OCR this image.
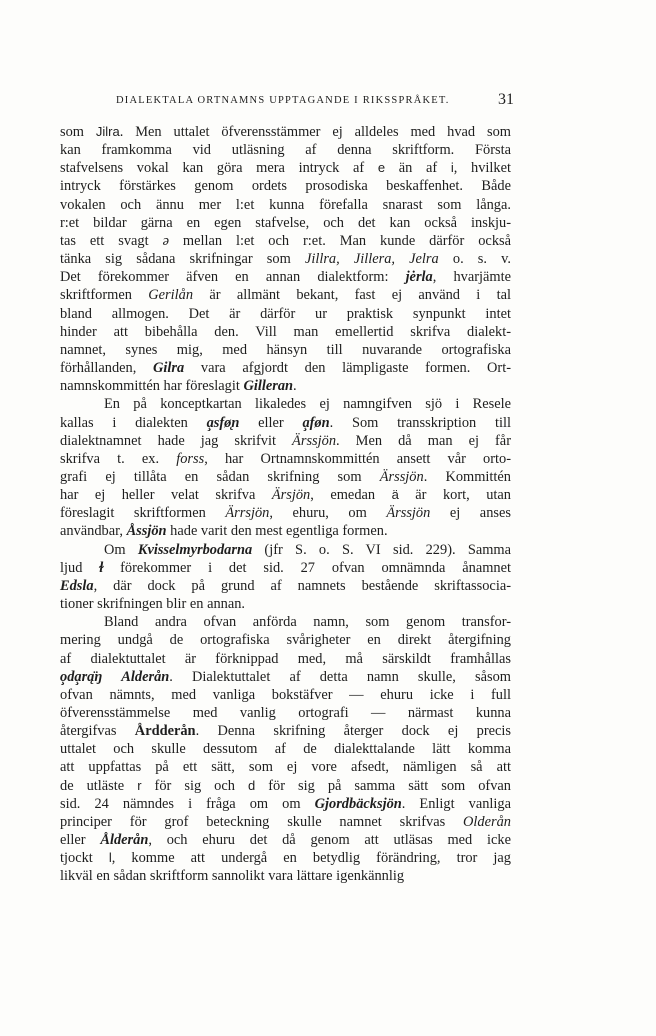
DIALEKTALA ORTNAMNS UPPTAGANDE I RIKSSPRÅKET.	31
som Jilra. Men uttalet öfverensstämmer ej alldeles med hvad som
kan framkomma vid utläsning af denna skriftform. Första
stafvelsens vokal kan göra mera intryck af e än af i, hvilket
intryck förstärkes genom ordets prosodiska beskaffenhet. Både
vokalen och ännu mer l:et kunna förefalla snarast som långa.
r:et bildar gärna en egen stafvelse, och det kan också inskju-
tas ett svagt ə mellan l:et och r:et. Man kunde därför också
tänka sig sådana skrifningar som Jillra, Jillera, Jelra o. s. v.
Det förekommer äfven en annan dialektform: jėrla, hvarjämte
skriftformen Gerilån är allmänt bekant, fast ej använd i tal
bland allmogen. Det är därför ur praktisk synpunkt intet
hinder att bibehålla den. Vill man emellertid skrifva dialekt-
namnet, synes mig, med hänsyn till nuvarande ortografiska
förhållanden, Gilra vara afgjordt den lämpligaste formen. Ort-
namnskommittén har föreslagit Gilleran.
En på konceptkartan likaledes ej namngifven sjö i Resele
kallas i dialekten a̧sfø̨n eller a̧føn. Som transskription till
dialektnamnet hade jag skrifvit Ärssjön. Men då man ej får
skrifva t. ex. forss, har Ortnamnskommittén ansett vår orto-
grafi ej tillåta en sådan skrifning som Ärssjön. Kommittén
har ej heller velat skrifva Ärsjön, emedan ä är kort, utan
föreslagit skriftformen Ärrsjön, ehuru, om Ärssjön ej anses
användbar, Åssjön hade varit den mest egentliga formen.
Om Kvisselmyrbodarna (jfr S. o. S. VI sid. 229). Samma
ljud ɫ förekommer i det sid. 27 ofvan omnämnda ånamnet
Edsla, där dock på grund af namnets bestående skriftassocia-
tioner skrifningen blir en annan.
Bland andra ofvan anförda namn, som genom transfor-
mering undgå de ortografiska svårigheter en direkt återgifning
af dialektuttalet är förknippad med, må särskildt framhållas
o̧da̧rą̈ŋ Alderån. Dialektuttalet af detta namn skulle, såsom
ofvan nämnts, med vanliga bokstäfver — ehuru icke i full
öfverensstämmelse med vanlig ortografi — närmast kunna
återgifvas Årdderån. Denna skrifning återger dock ej precis
uttalet och skulle dessutom af de dialekttalande lätt komma
att uppfattas på ett sätt, som ej vore afsedt, nämligen så att
de utläste r för sig och d för sig på samma sätt som ofvan
sid. 24 nämndes i fråga om om Gjordbäcksjön. Enligt vanliga
principer för grof beteckning skulle namnet skrifvas Olderån
eller Ålderån, och ehuru det då genom att utläsas med icke
tjockt l, komme att undergå en betydlig förändring, tror jag
likväl en sådan skriftform sannolikt vara lättare igenkännlig
